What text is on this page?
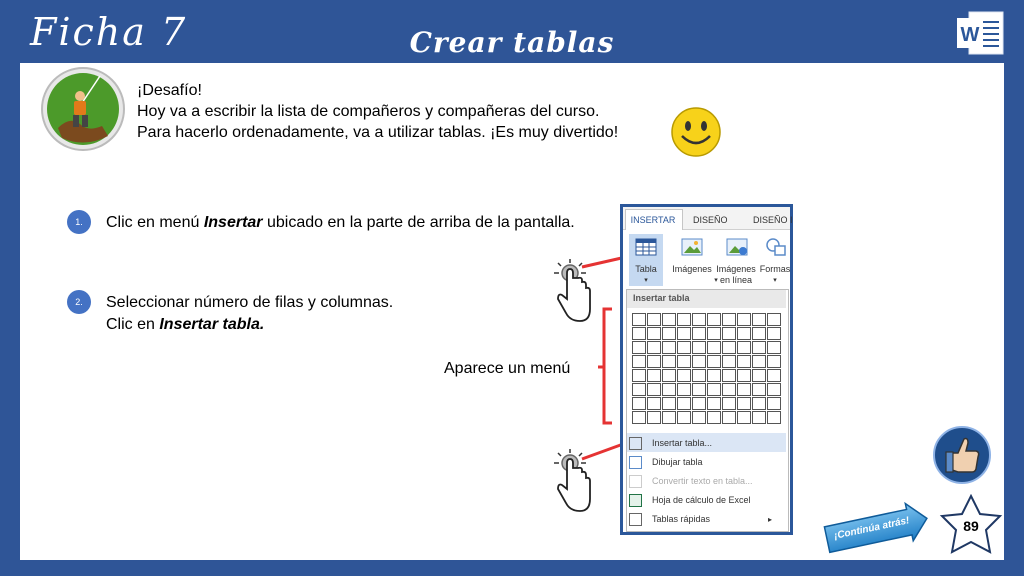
Ficha 7	Crear tablas	W
¡Desafío!
Hoy va a escribir la lista de compañeros y compañeras del curso.
Para hacerlo ordenadamente, va a utilizar tablas. ¡Es muy divertido!
1.	Clic en menú Insertar ubicado en la parte de arriba de la pantalla.
2.	Seleccionar número de filas y columnas.
Clic en Insertar tabla.
Aparece un menú
INSERTAR	DISEÑO	DISEÑO I
Tabla
▾
Imágenes Imágenes en línea
Formas
▾
▾
Insertar tabla
Insertar tabla...
Dibujar tabla
Convertir texto en tabla...
Hoja de cálculo de Excel
Tablas rápidas	▸	¡Continúa atrás!	89
